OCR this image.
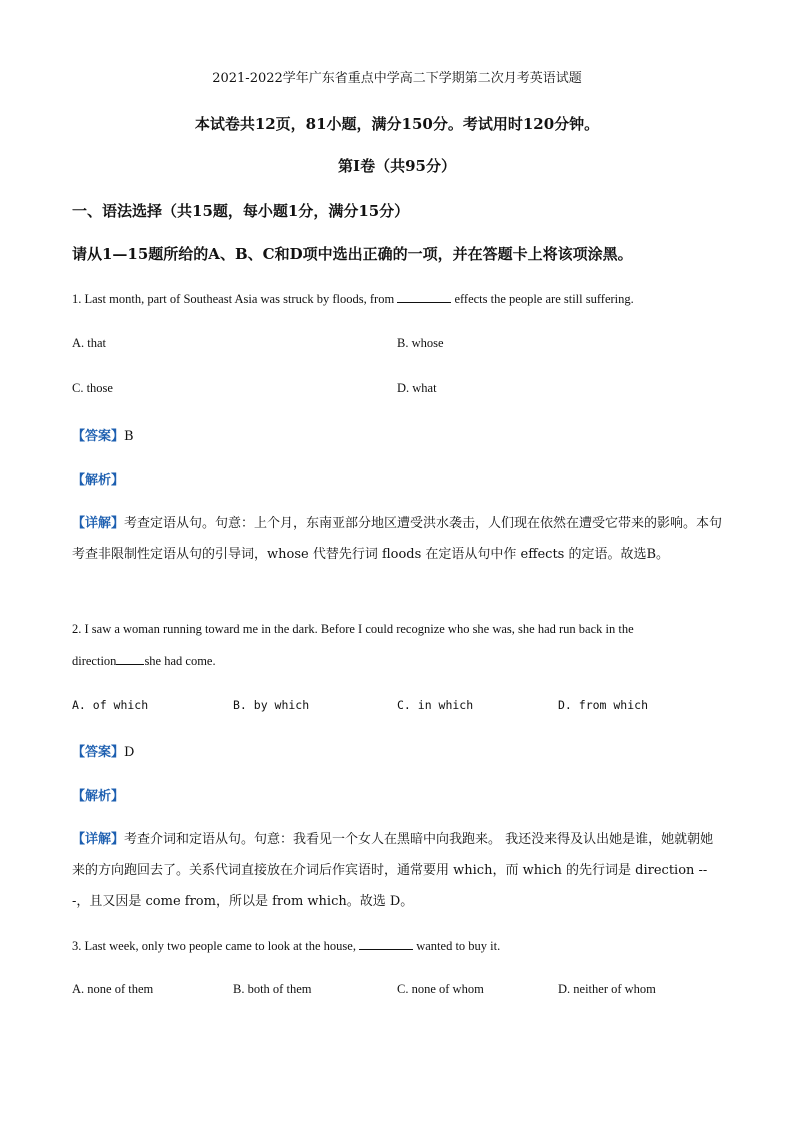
2021-2022学年广东省重点中学高二下学期第二次月考英语试题
本试卷共12页，81小题，满分150分。考试用时120分钟。
第I卷（共95分）
一、语法选择（共15题，每小题1分，满分15分）
请从1—15题所给的A、B、C和D项中选出正确的一项，并在答题卡上将该项涂黑。
1. Last month, part of Southeast Asia was struck by floods, from	effects the people are still suffering.
A. that	B. whose
C. those	D. what
【答案】B
【解析】
【详解】考查定语从句。句意：上个月，东南亚部分地区遭受洪水袭击，人们现在依然在遭受它带来的影响。本句考查非限制性定语从句的引导词，whose 代替先行词 floods 在定语从句中作 effects 的定语。故选B。
2. I saw a woman running toward me in the dark. Before I could recognize who she was, she had run back in the
direction she had come.
A. of which	B. by which	C. in which	D. from which
【答案】D
【解析】
【详解】考查介词和定语从句。句意：我看见一个女人在黑暗中向我跑来。 我还没来得及认出她是谁，她就朝她来的方向跑回去了。关系代词直接放在介词后作宾语时，通常要用 which，而 which 的先行词是 direction ---，且又因是 come from，所以是 from which。故选 D。
3. Last week, only two people came to look at the house,	wanted to buy it.
A. none of them	B. both of them	C. none of whom	D. neither of whom
